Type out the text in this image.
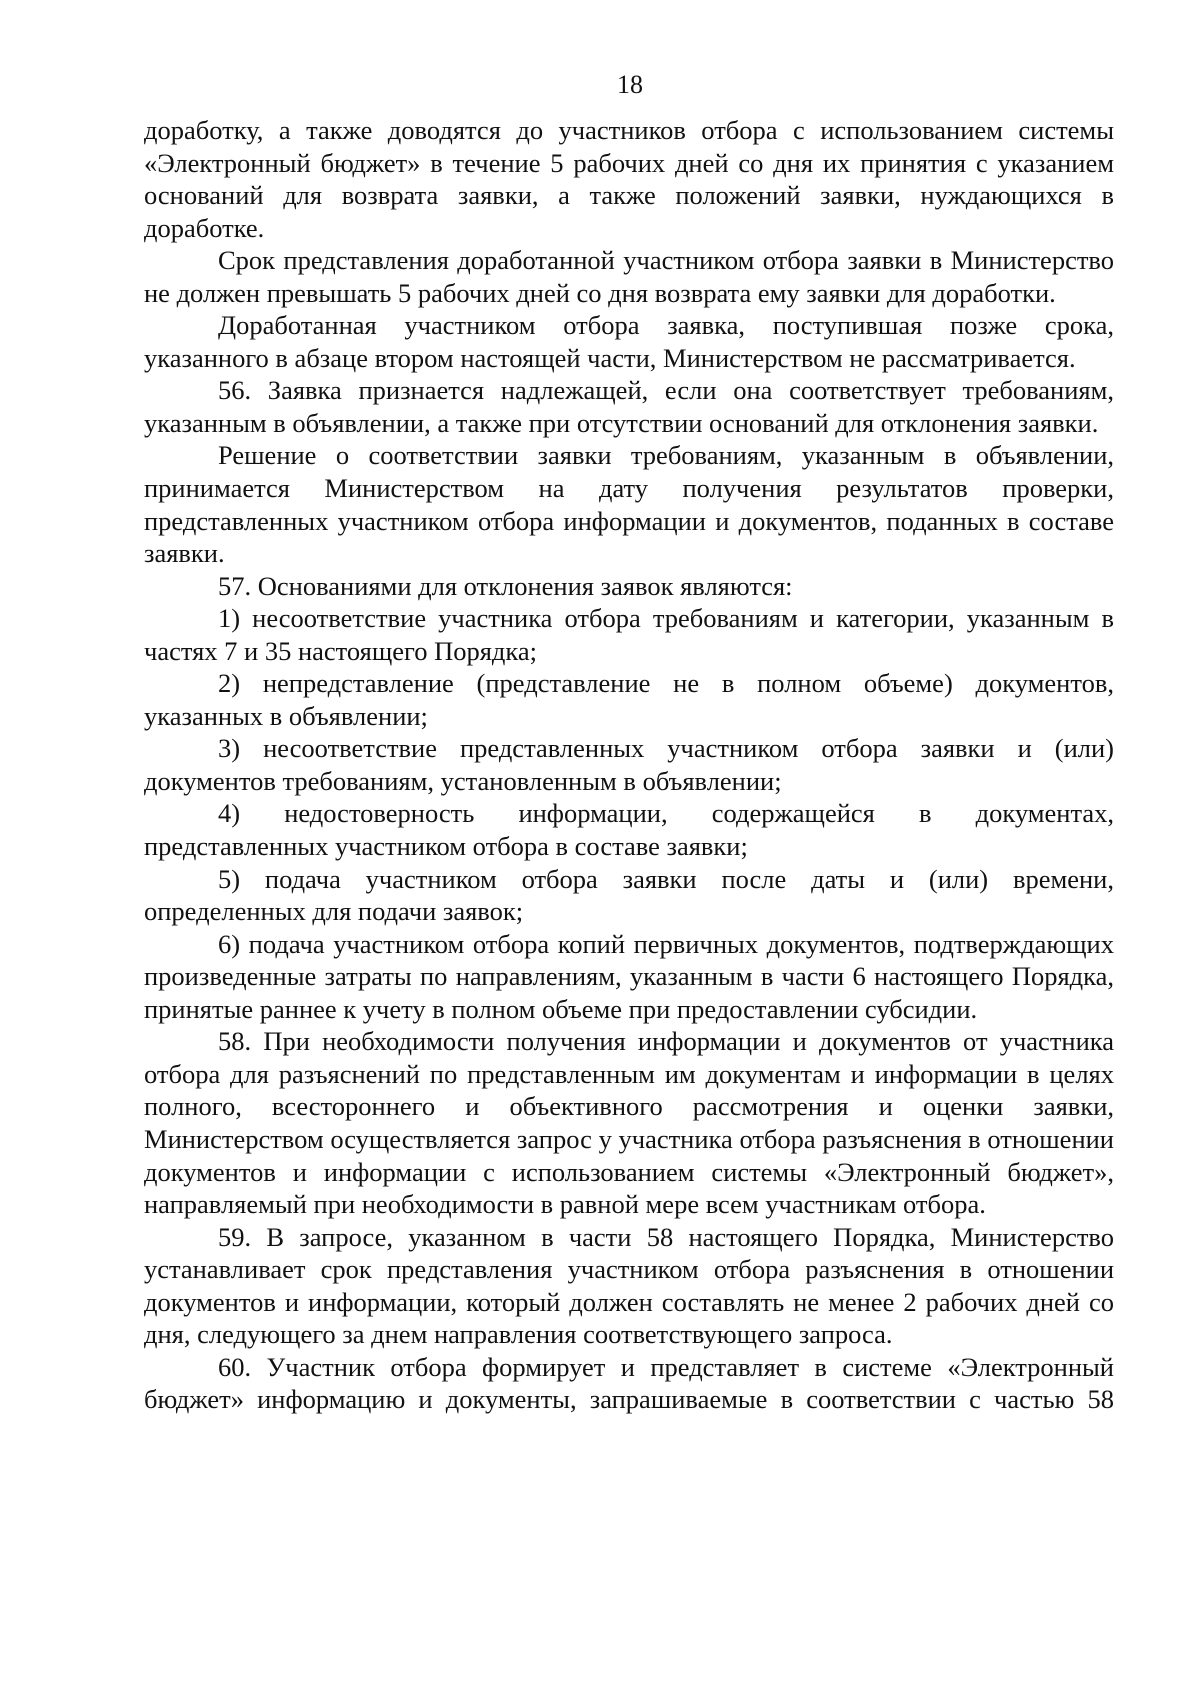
18

доработку, а также доводятся до участников отбора с использованием системы «Электронный бюджет» в течение 5 рабочих дней со дня их принятия с указанием оснований для возврата заявки, а также положений заявки, нуждающихся в доработке.

Срок представления доработанной участником отбора заявки в Министерство не должен превышать 5 рабочих дней со дня возврата ему заявки для доработки.

Доработанная участником отбора заявка, поступившая позже срока, указанного в абзаце втором настоящей части, Министерством не рассматривается.

56. Заявка признается надлежащей, если она соответствует требованиям, указанным в объявлении, а также при отсутствии оснований для отклонения заявки.

Решение о соответствии заявки требованиям, указанным в объявлении, принимается Министерством на дату получения результатов проверки, представленных участником отбора информации и документов, поданных в составе заявки.

57. Основаниями для отклонения заявок являются:

1) несоответствие участника отбора требованиям и категории, указанным в частях 7 и 35 настоящего Порядка;

2) непредставление (представление не в полном объеме) документов, указанных в объявлении;

3) несоответствие представленных участником отбора заявки и (или) документов требованиям, установленным в объявлении;

4) недостоверность информации, содержащейся в документах, представленных участником отбора в составе заявки;

5) подача участником отбора заявки после даты и (или) времени, определенных для подачи заявок;

6) подача участником отбора копий первичных документов, подтверждающих произведенные затраты по направлениям, указанным в части 6 настоящего Порядка, принятые раннее к учету в полном объеме при предоставлении субсидии.

58. При необходимости получения информации и документов от участника отбора для разъяснений по представленным им документам и информации в целях полного, всестороннего и объективного рассмотрения и оценки заявки, Министерством осуществляется запрос у участника отбора разъяснения в отношении документов и информации с использованием системы «Электронный бюджет», направляемый при необходимости в равной мере всем участникам отбора.

59. В запросе, указанном в части 58 настоящего Порядка, Министерство устанавливает срок представления участником отбора разъяснения в отношении документов и информации, который должен составлять не менее 2 рабочих дней со дня, следующего за днем направления соответствующего запроса.

60. Участник отбора формирует и представляет в системе «Электронный бюджет» информацию и документы, запрашиваемые в соответствии с частью 58
